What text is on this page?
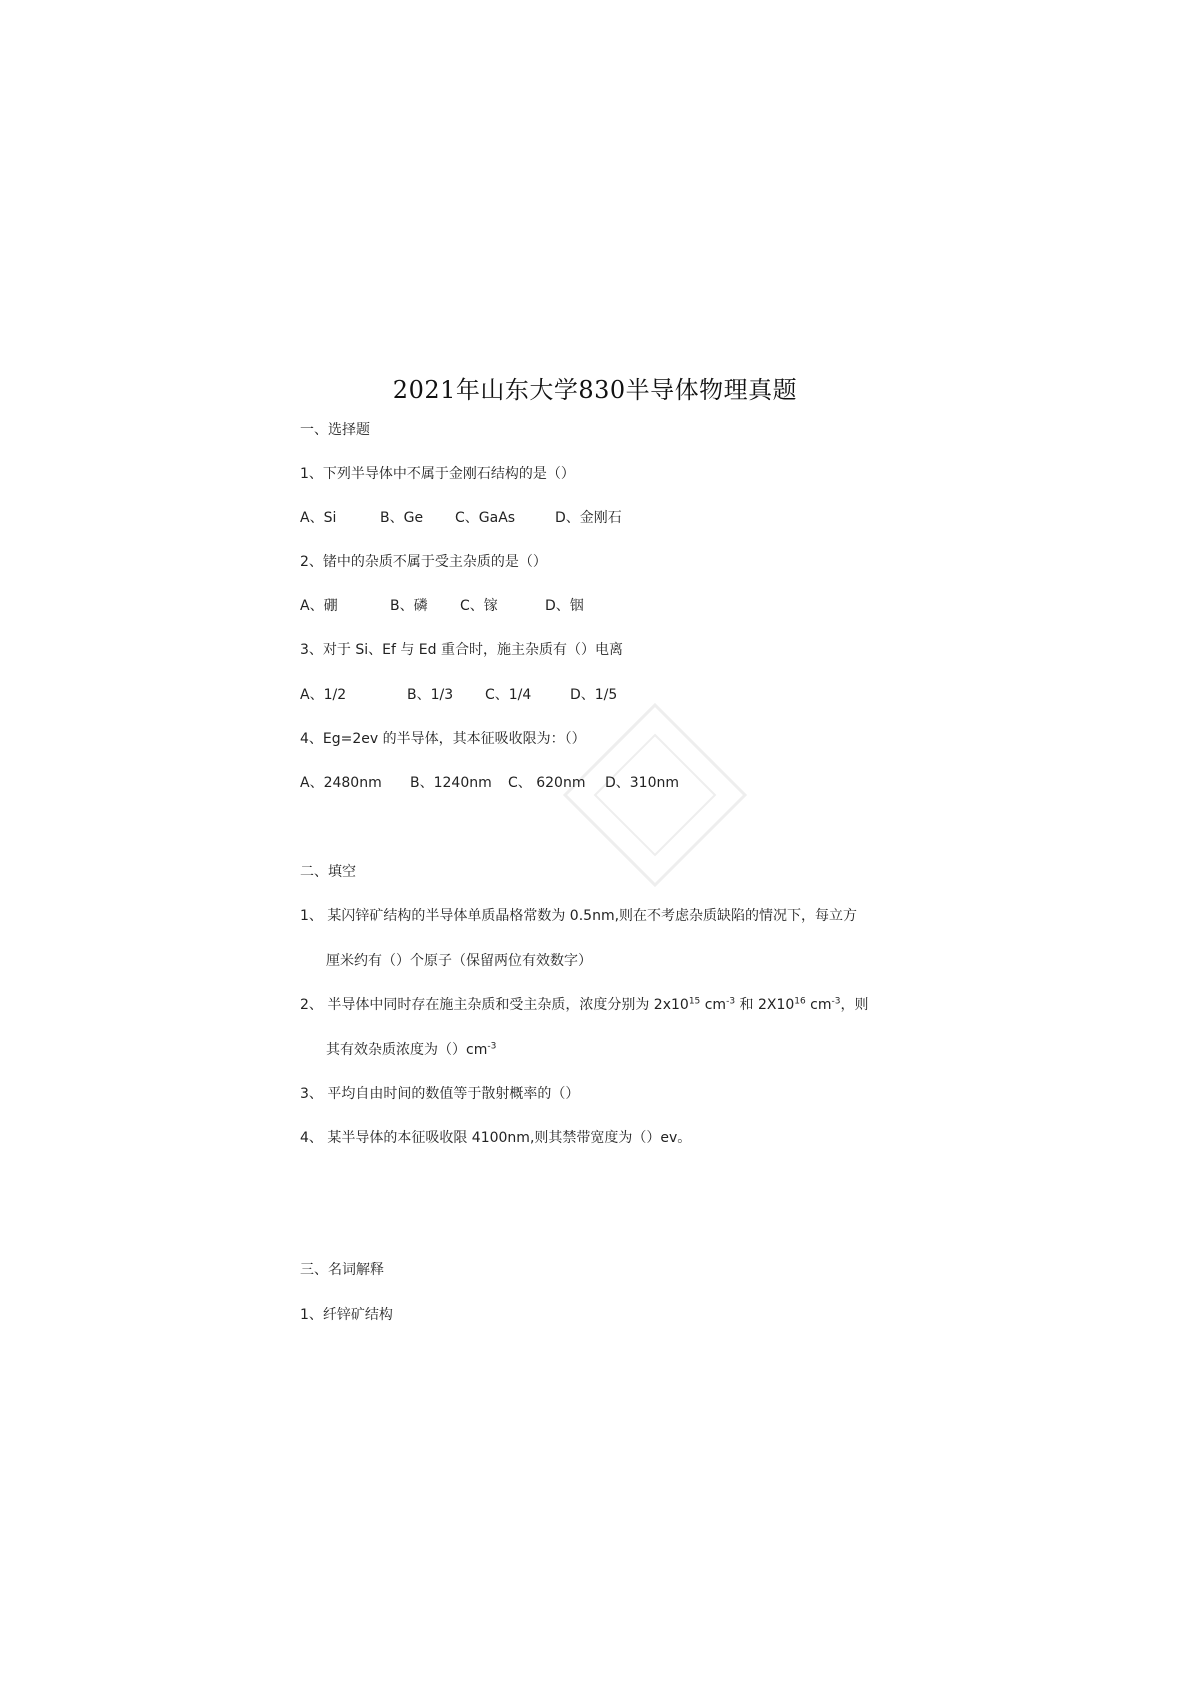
2021年山东大学830半导体物理真题
一、选择题
1、下列半导体中不属于金刚石结构的是（）
A、Si	B、Ge C、GaAs	D、金刚石
2、锗中的杂质不属于受主杂质的是（）
A、硼	B、磷 C、镓	D、铟
3、对于 Si、Ef 与 Ed 重合时，施主杂质有（）电离
A、1/2	B、1/3 C、1/4	D、1/5
4、Eg=2ev 的半导体，其本征吸收限为：（）
A、2480nm B、1240nm C、 620nm D、310nm
二、填空
1、 某闪锌矿结构的半导体单质晶格常数为 0.5nm,则在不考虑杂质缺陷的情况下，每立方
厘米约有（）个原子（保留两位有效数字）
2、 半导体中同时存在施主杂质和受主杂质，浓度分别为 $2x10^{15}$ $cm^{-3}$ 和 $2X10^{16}$ $cm^{-3}$，则
其有效杂质浓度为$()cm^{-3}$
3、 平均自由时间的数值等于散射概率的（）
4、 某半导体的本征吸收限 4100nm,则其禁带宽度为（）ev。
三、名词解释
1、纤锌矿结构
